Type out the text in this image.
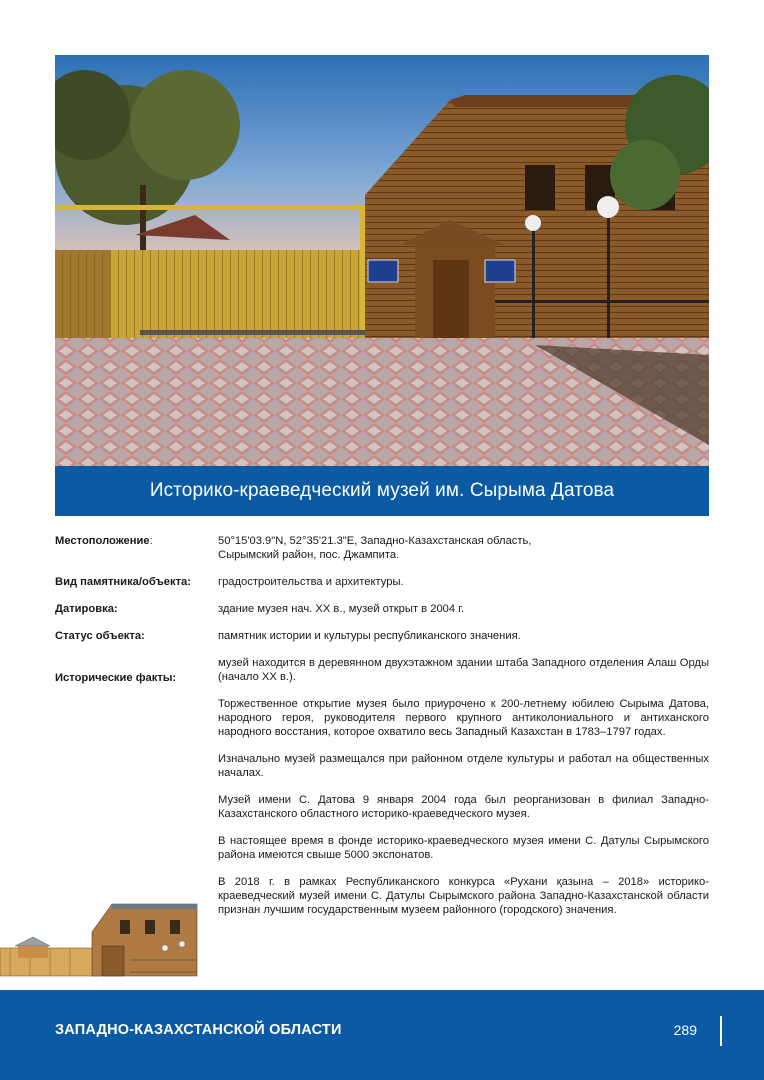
Историко-краеведческий музей им. Сырыма Датова
Местоположение:	50°15'03.9"N, 52°35'21.3"E, Западно-Казахстанская область,
Сырымский район, пос. Джампита.
Вид памятника/объекта: градостроительства и архитектуры.
Датировка:	здание музея нач. XX в., музей открыт в 2004 г.
Статус объекта:	памятник истории и культуры республиканского значения.
Исторические факты:
музей находится в деревянном двухэтажном здании штаба Западного отделения Алаш Орды (начало XX в.).
Торжественное открытие музея было приурочено к 200-летнему юбилею Сырыма Датова, народного героя, руководителя первого крупного антиколониального и антиханского народного восстания, которое охватило весь Западный Казахстан в 1783–1797 годах.
Изначально музей размещался при районном отделе культуры и работал на общественных началах.
Музей имени С. Датова 9 января 2004 года был реорганизован в филиал Западно-Казахстанского областного историко-краеведческого музея.
В настоящее время в фонде историко-краеведческого музея имени С. Датулы Сырымского района имеются свыше 5000 экспонатов.
В 2018 г. в рамках Республиканского конкурса «Рухани қазына – 2018» историко-краеведческий музей имени С. Датулы Сырымского района Западно-Казахстанской области признан лучшим государственным музеем районного (городского) значения.
ЗАПАДНО-КАЗАХСТАНСКОЙ ОБЛАСТИ	289
